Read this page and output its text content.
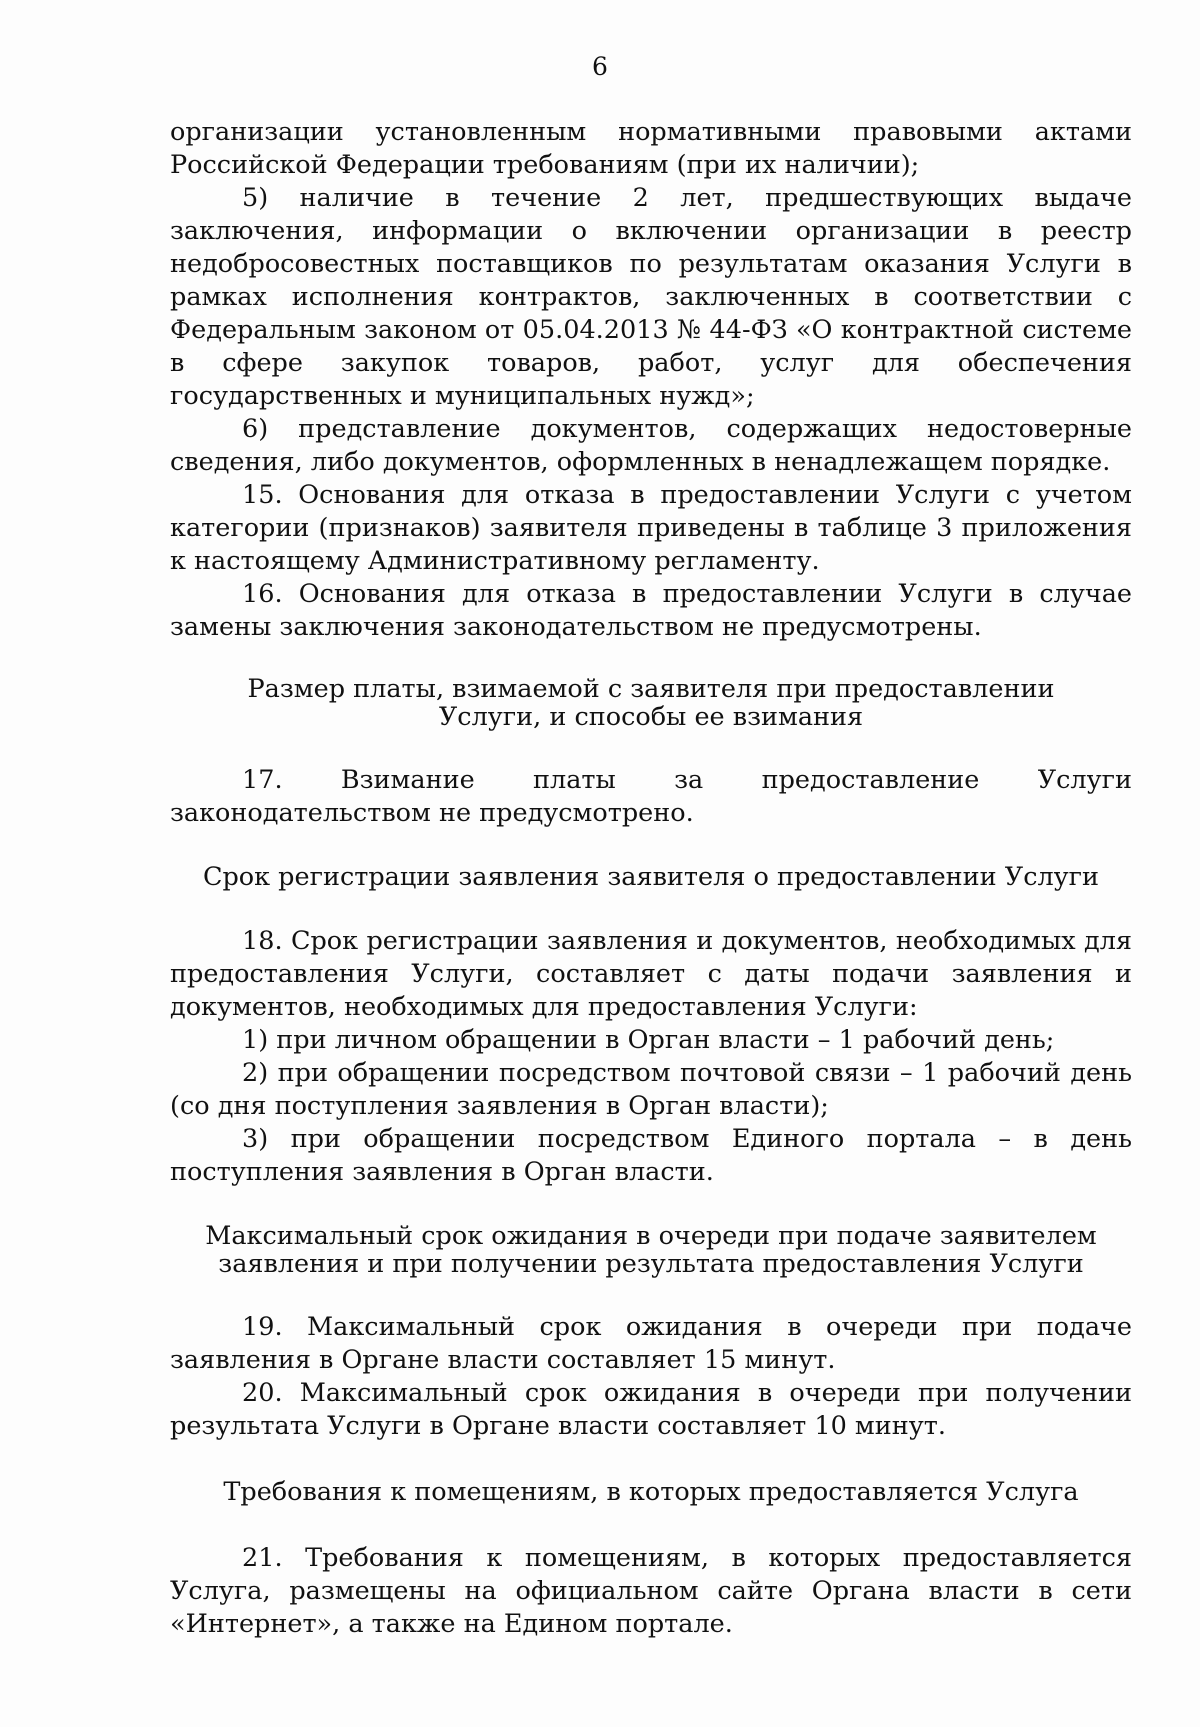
6

организации установленным нормативными правовыми актами Российской Федерации требованиям (при их наличии);

5) наличие в течение 2 лет, предшествующих выдаче заключения, информации о включении организации в реестр недобросовестных поставщиков по результатам оказания Услуги в рамках исполнения контрактов, заключенных в соответствии с Федеральным законом от 05.04.2013 № 44-ФЗ «О контрактной системе в сфере закупок товаров, работ, услуг для обеспечения государственных и муниципальных нужд»;

6) представление документов, содержащих недостоверные сведения, либо документов, оформленных в ненадлежащем порядке.

15. Основания для отказа в предоставлении Услуги с учетом категории (признаков) заявителя приведены в таблице 3 приложения к настоящему Административному регламенту.

16. Основания для отказа в предоставлении Услуги в случае замены заключения законодательством не предусмотрены.

Размер платы, взимаемой с заявителя при предоставлении
Услуги, и способы ее взимания

17. Взимание платы за предоставление Услуги законодательством не предусмотрено.

Срок регистрации заявления заявителя о предоставлении Услуги

18. Срок регистрации заявления и документов, необходимых для предоставления Услуги, составляет с даты подачи заявления и документов, необходимых для предоставления Услуги:

1) при личном обращении в Орган власти – 1 рабочий день;

2) при обращении посредством почтовой связи – 1 рабочий день (со дня поступления заявления в Орган власти);

3) при обращении посредством Единого портала – в день поступления заявления в Орган власти.

Максимальный срок ожидания в очереди при подаче заявителем
заявления и при получении результата предоставления Услуги

19. Максимальный срок ожидания в очереди при подаче заявления в Органе власти составляет 15 минут.

20. Максимальный срок ожидания в очереди при получении результата Услуги в Органе власти составляет 10 минут.

Требования к помещениям, в которых предоставляется Услуга

21. Требования к помещениям, в которых предоставляется Услуга, размещены на официальном сайте Органа власти в сети «Интернет», а также на Едином портале.
